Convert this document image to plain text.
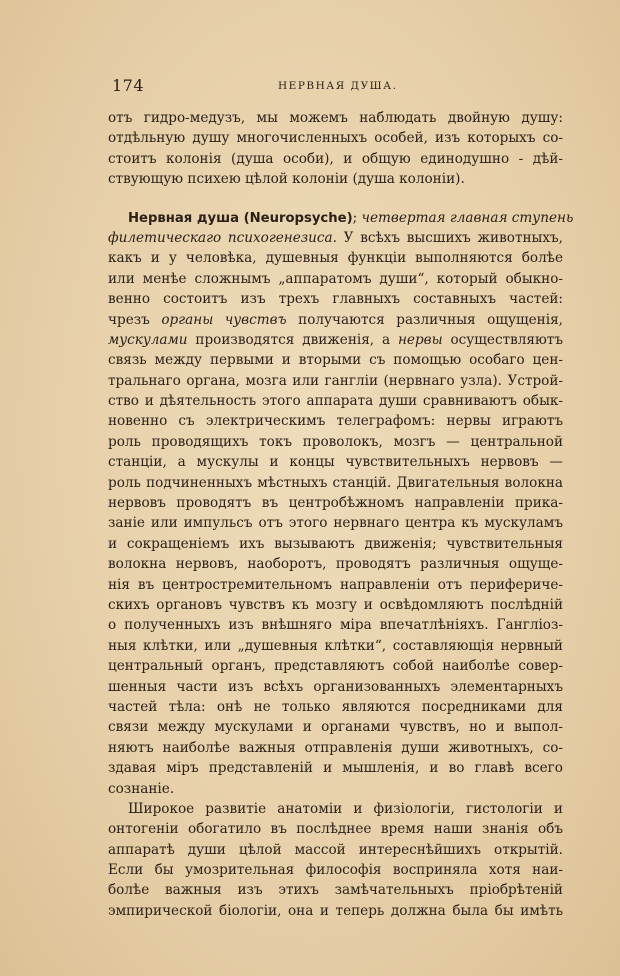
174	НЕРВНАЯ ДУША.
отъ гидро-медузъ, мы можемъ наблюдать двойную душу:
отдѣльную душу многочисленныхъ особей, изъ которыхъ со-
стоитъ колонія (душа особи), и общую единодушно - дѣй-
ствующую психею цѣлой колоніи (душа колоніи).
Нервная душа (Neuropsyche); четвертая главная ступень
филетическаго психогенезиса. У всѣхъ высшихъ животныхъ,
какъ и у человѣка, душевныя функціи выполняются болѣе
или менѣе сложнымъ „аппаратомъ души“, который обыкно-
венно состоитъ изъ трехъ главныхъ составныхъ частей:
чрезъ органы чувствъ получаются различныя ощущенія,
мускулами производятся движенія, а нервы осуществляютъ
связь между первыми и вторыми съ помощью особаго цен-
тральнаго органа, мозга или гангліи (нервнаго узла). Устрой-
ство и дѣятельность этого аппарата души сравниваютъ обык-
новенно съ электрическимъ телеграфомъ: нервы играютъ
роль проводящихъ токъ проволокъ, мозгъ — центральной
станціи, а мускулы и концы чувствительныхъ нервовъ —
роль подчиненныхъ мѣстныхъ станцій. Двигательныя волокна
нервовъ проводятъ въ центробѣжномъ направленіи прика-
заніе или импульсъ отъ этого нервнаго центра къ мускуламъ
и сокращеніемъ ихъ вызываютъ движенія; чувствительныя
волокна нервовъ, наоборотъ, проводятъ различныя ощуще-
нія въ центростремительномъ направленіи отъ перифериче-
скихъ органовъ чувствъ къ мозгу и освѣдомляютъ послѣдній
о полученныхъ изъ внѣшняго міра впечатлѣніяхъ. Гангліоз-
ныя клѣтки, или „душевныя клѣтки“, составляющія нервный
центральный органъ, представляютъ собой наиболѣе совер-
шенныя части изъ всѣхъ организованныхъ элементарныхъ
частей тѣла: онѣ не только являются посредниками для
связи между мускулами и органами чувствъ, но и выпол-
няютъ наиболѣе важныя отправленія души животныхъ, со-
здавая міръ представленій и мышленія, и во главѣ всего
сознаніе.
Широкое развитіе анатоміи и физіологіи, гистологіи и
онтогеніи обогатило въ послѣднее время наши знанія объ
аппаратѣ души цѣлой массой интереснѣйшихъ открытій.
Если бы умозрительная философія восприняла хотя наи-
болѣе важныя изъ этихъ замѣчательныхъ пріобрѣтеній
эмпирической біологіи, она и теперь должна была бы имѣть
